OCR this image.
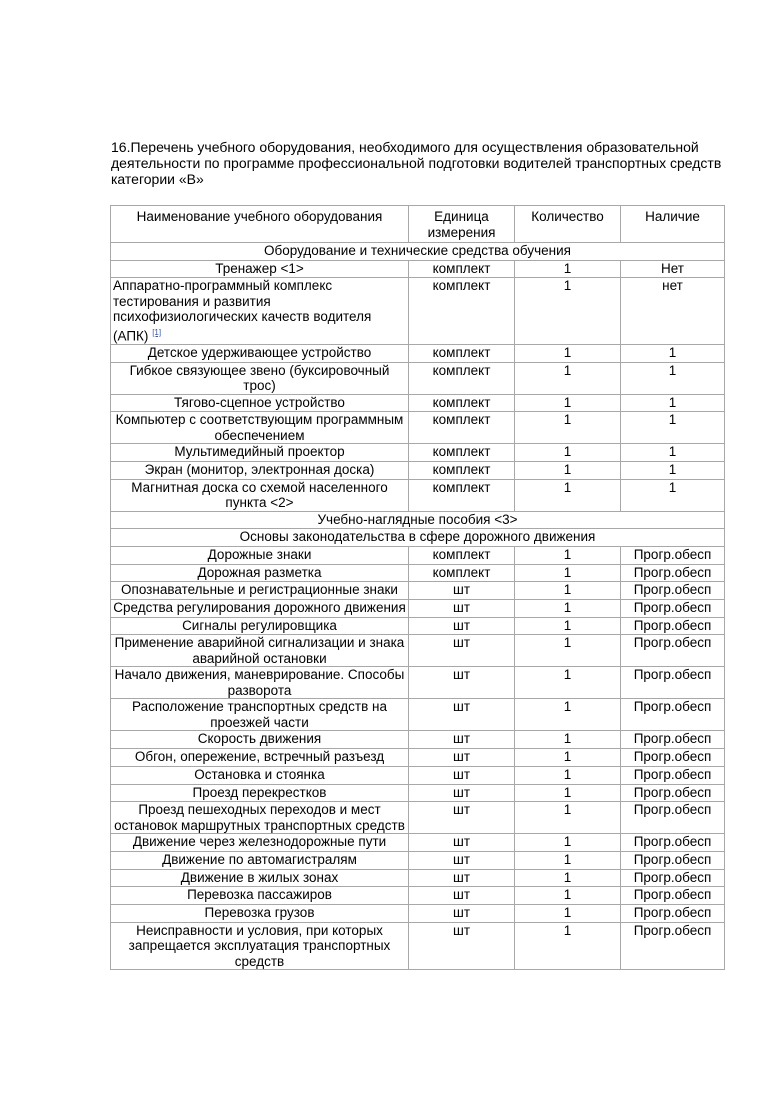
16.Перечень учебного оборудования, необходимого для осуществления образовательной деятельности по программе профессиональной подготовки водителей транспортных средств категории «В»

Наименование учебного оборудования	Единица измерения	Количество	Наличие
Оборудование и технические средства обучения			
Тренажер <1>	комплект	1	Нет
Аппаратно-программный комплекс тестирования и развития психофизиологических качеств водителя (АПК) [1]	комплект	1	нет
Детское удерживающее устройство	комплект	1	1
Гибкое связующее звено (буксировочный трос)	комплект	1	1
Тягово-сцепное устройство	комплект	1	1
Компьютер с соответствующим программным обеспечением	комплект	1	1
Мультимедийный проектор	комплект	1	1
Экран (монитор, электронная доска)	комплект	1	1
Магнитная доска со схемой населенного пункта <2>	комплект	1	1
Учебно-наглядные пособия <3>			
Основы законодательства в сфере дорожного движения			
Дорожные знаки	комплект	1	Прогр.обесп
Дорожная разметка	комплект	1	Прогр.обесп
Опознавательные и регистрационные знаки	шт	1	Прогр.обесп
Средства регулирования дорожного движения	шт	1	Прогр.обесп
Сигналы регулировщика	шт	1	Прогр.обесп
Применение аварийной сигнализации и знака аварийной остановки	шт	1	Прогр.обесп
Начало движения, маневрирование. Способы разворота	шт	1	Прогр.обесп
Расположение транспортных средств на проезжей части	шт	1	Прогр.обесп
Скорость движения	шт	1	Прогр.обесп
Обгон, опережение, встречный разъезд	шт	1	Прогр.обесп
Остановка и стоянка	шт	1	Прогр.обесп
Проезд перекрестков	шт	1	Прогр.обесп
Проезд пешеходных переходов и мест остановок маршрутных транспортных средств	шт	1	Прогр.обесп
Движение через железнодорожные пути	шт	1	Прогр.обесп
Движение по автомагистралям	шт	1	Прогр.обесп
Движение в жилых зонах	шт	1	Прогр.обесп
Перевозка пассажиров	шт	1	Прогр.обесп
Перевозка грузов	шт	1	Прогр.обесп
Неисправности и условия, при которых запрещается эксплуатация транспортных средств	шт	1	Прогр.обесп
